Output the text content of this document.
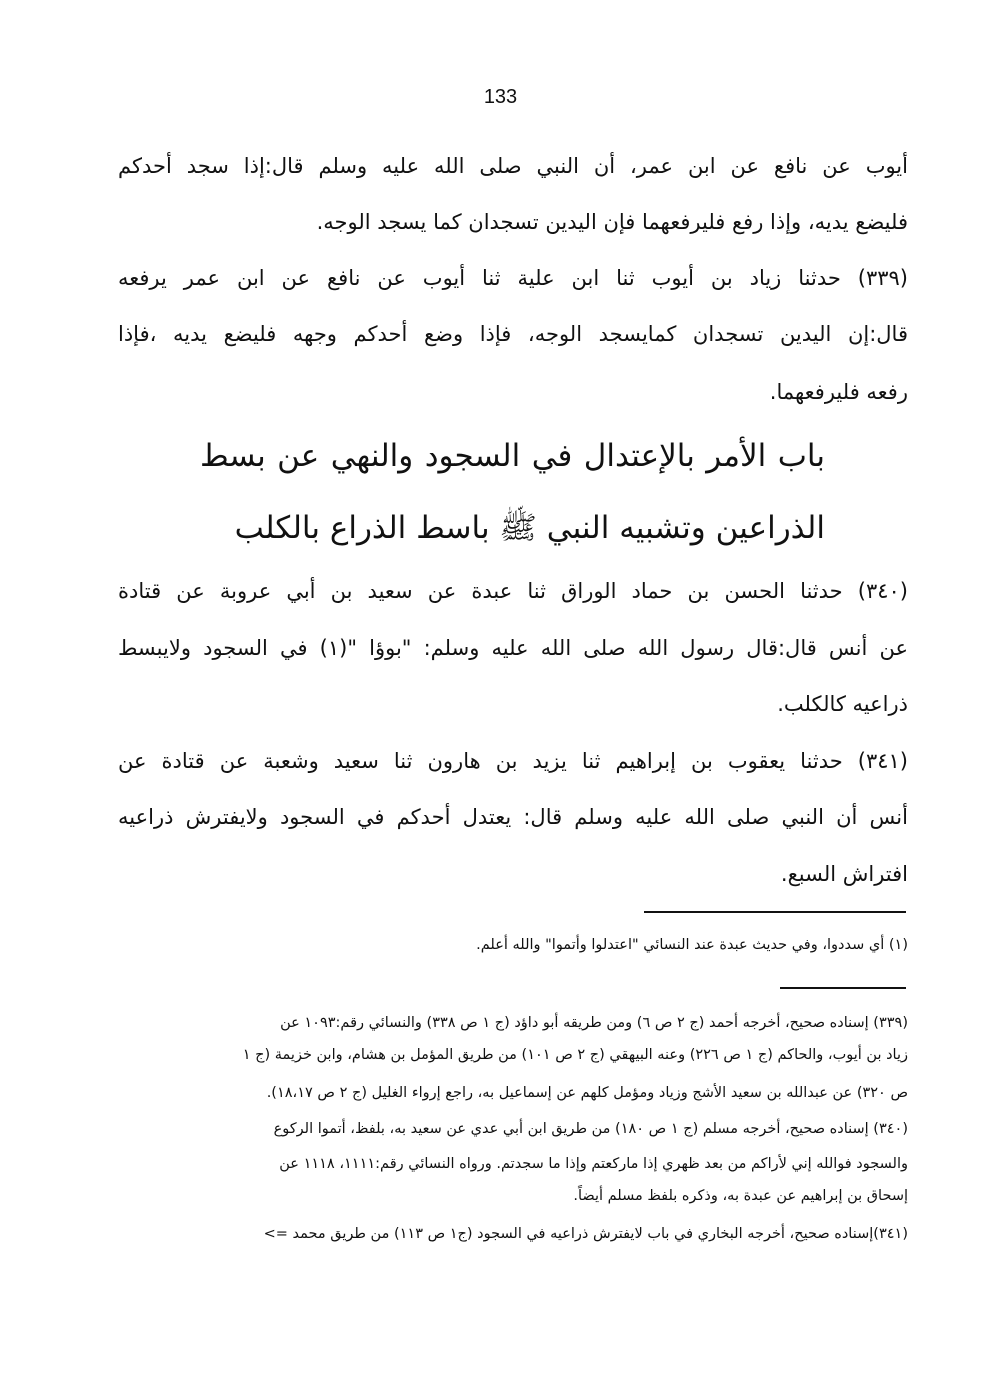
133
أيوب عن نافع عن ابن عمر، أن النبي صلى الله عليه وسلم قال:إذا سجد أحدكم
فليضع يديه، وإذا رفع فليرفعهما فإن اليدين تسجدان كما يسجد الوجه.
(٣٣٩) حدثنا زياد بن أيوب ثنا ابن علية ثنا أيوب عن نافع عن ابن عمر يرفعه
قال:إن اليدين تسجدان كمايسجد الوجه، فإذا وضع أحدكم وجهه فليضع يديه ،فإذا
رفعه فليرفعهما.
باب الأمر بالإعتدال في السجود والنهي عن بسط
الذراعين وتشبيه النبي ﷺ باسط الذراع بالكلب
(٣٤٠) حدثنا الحسن بن حماد الوراق ثنا عبدة عن سعيد بن أبي عروبة عن قتادة
عن أنس قال:قال رسول الله صلى الله عليه وسلم: "بوؤا "(١) في السجود ولايبسط
ذراعيه كالكلب.
(٣٤١) حدثنا يعقوب بن إبراهيم ثنا يزيد بن هارون ثنا سعيد وشعبة عن قتادة عن
أنس أن النبي صلى الله عليه وسلم قال: يعتدل أحدكم في السجود ولايفترش ذراعيه
افتراش السبع.
(١) أي سددوا، وفي حديث عبدة عند النسائي "اعتدلوا وأتموا" والله أعلم.
(٣٣٩) إسناده صحيح، أخرجه أحمد (ج ٢ ص ٦) ومن طريقه أبو داؤد (ج ١ ص ٣٣٨) والنسائي رقم:١٠٩٣ عن
زياد بن أيوب، والحاكم (ج ١ ص ٢٢٦) وعنه البيهقي (ج ٢ ص ١٠١) من طريق المؤمل بن هشام، وابن خزيمة (ج ١
ص ٣٢٠) عن عبدالله بن سعيد الأشج وزياد ومؤمل كلهم عن إسماعيل به، راجع إرواء الغليل (ج ٢ ص ١٨،١٧).
(٣٤٠) إسناده صحيح، أخرجه مسلم (ج ١ ص ١٨٠) من طريق ابن أبي عدي عن سعيد به، بلفظ، أتموا الركوع
والسجود فوالله إني لأراكم من بعد ظهري إذا ماركعتم وإذا ما سجدتم. ورواه النسائي رقم:١١١١، ١١١٨ عن
إسحاق بن إبراهيم عن عبدة به، وذكره بلفظ مسلم أيضاً.
(٣٤١)إسناده صحيح، أخرجه البخاري في باب لايفترش ذراعيه في السجود (ج١ ص ١١٣) من طريق محمد =>
